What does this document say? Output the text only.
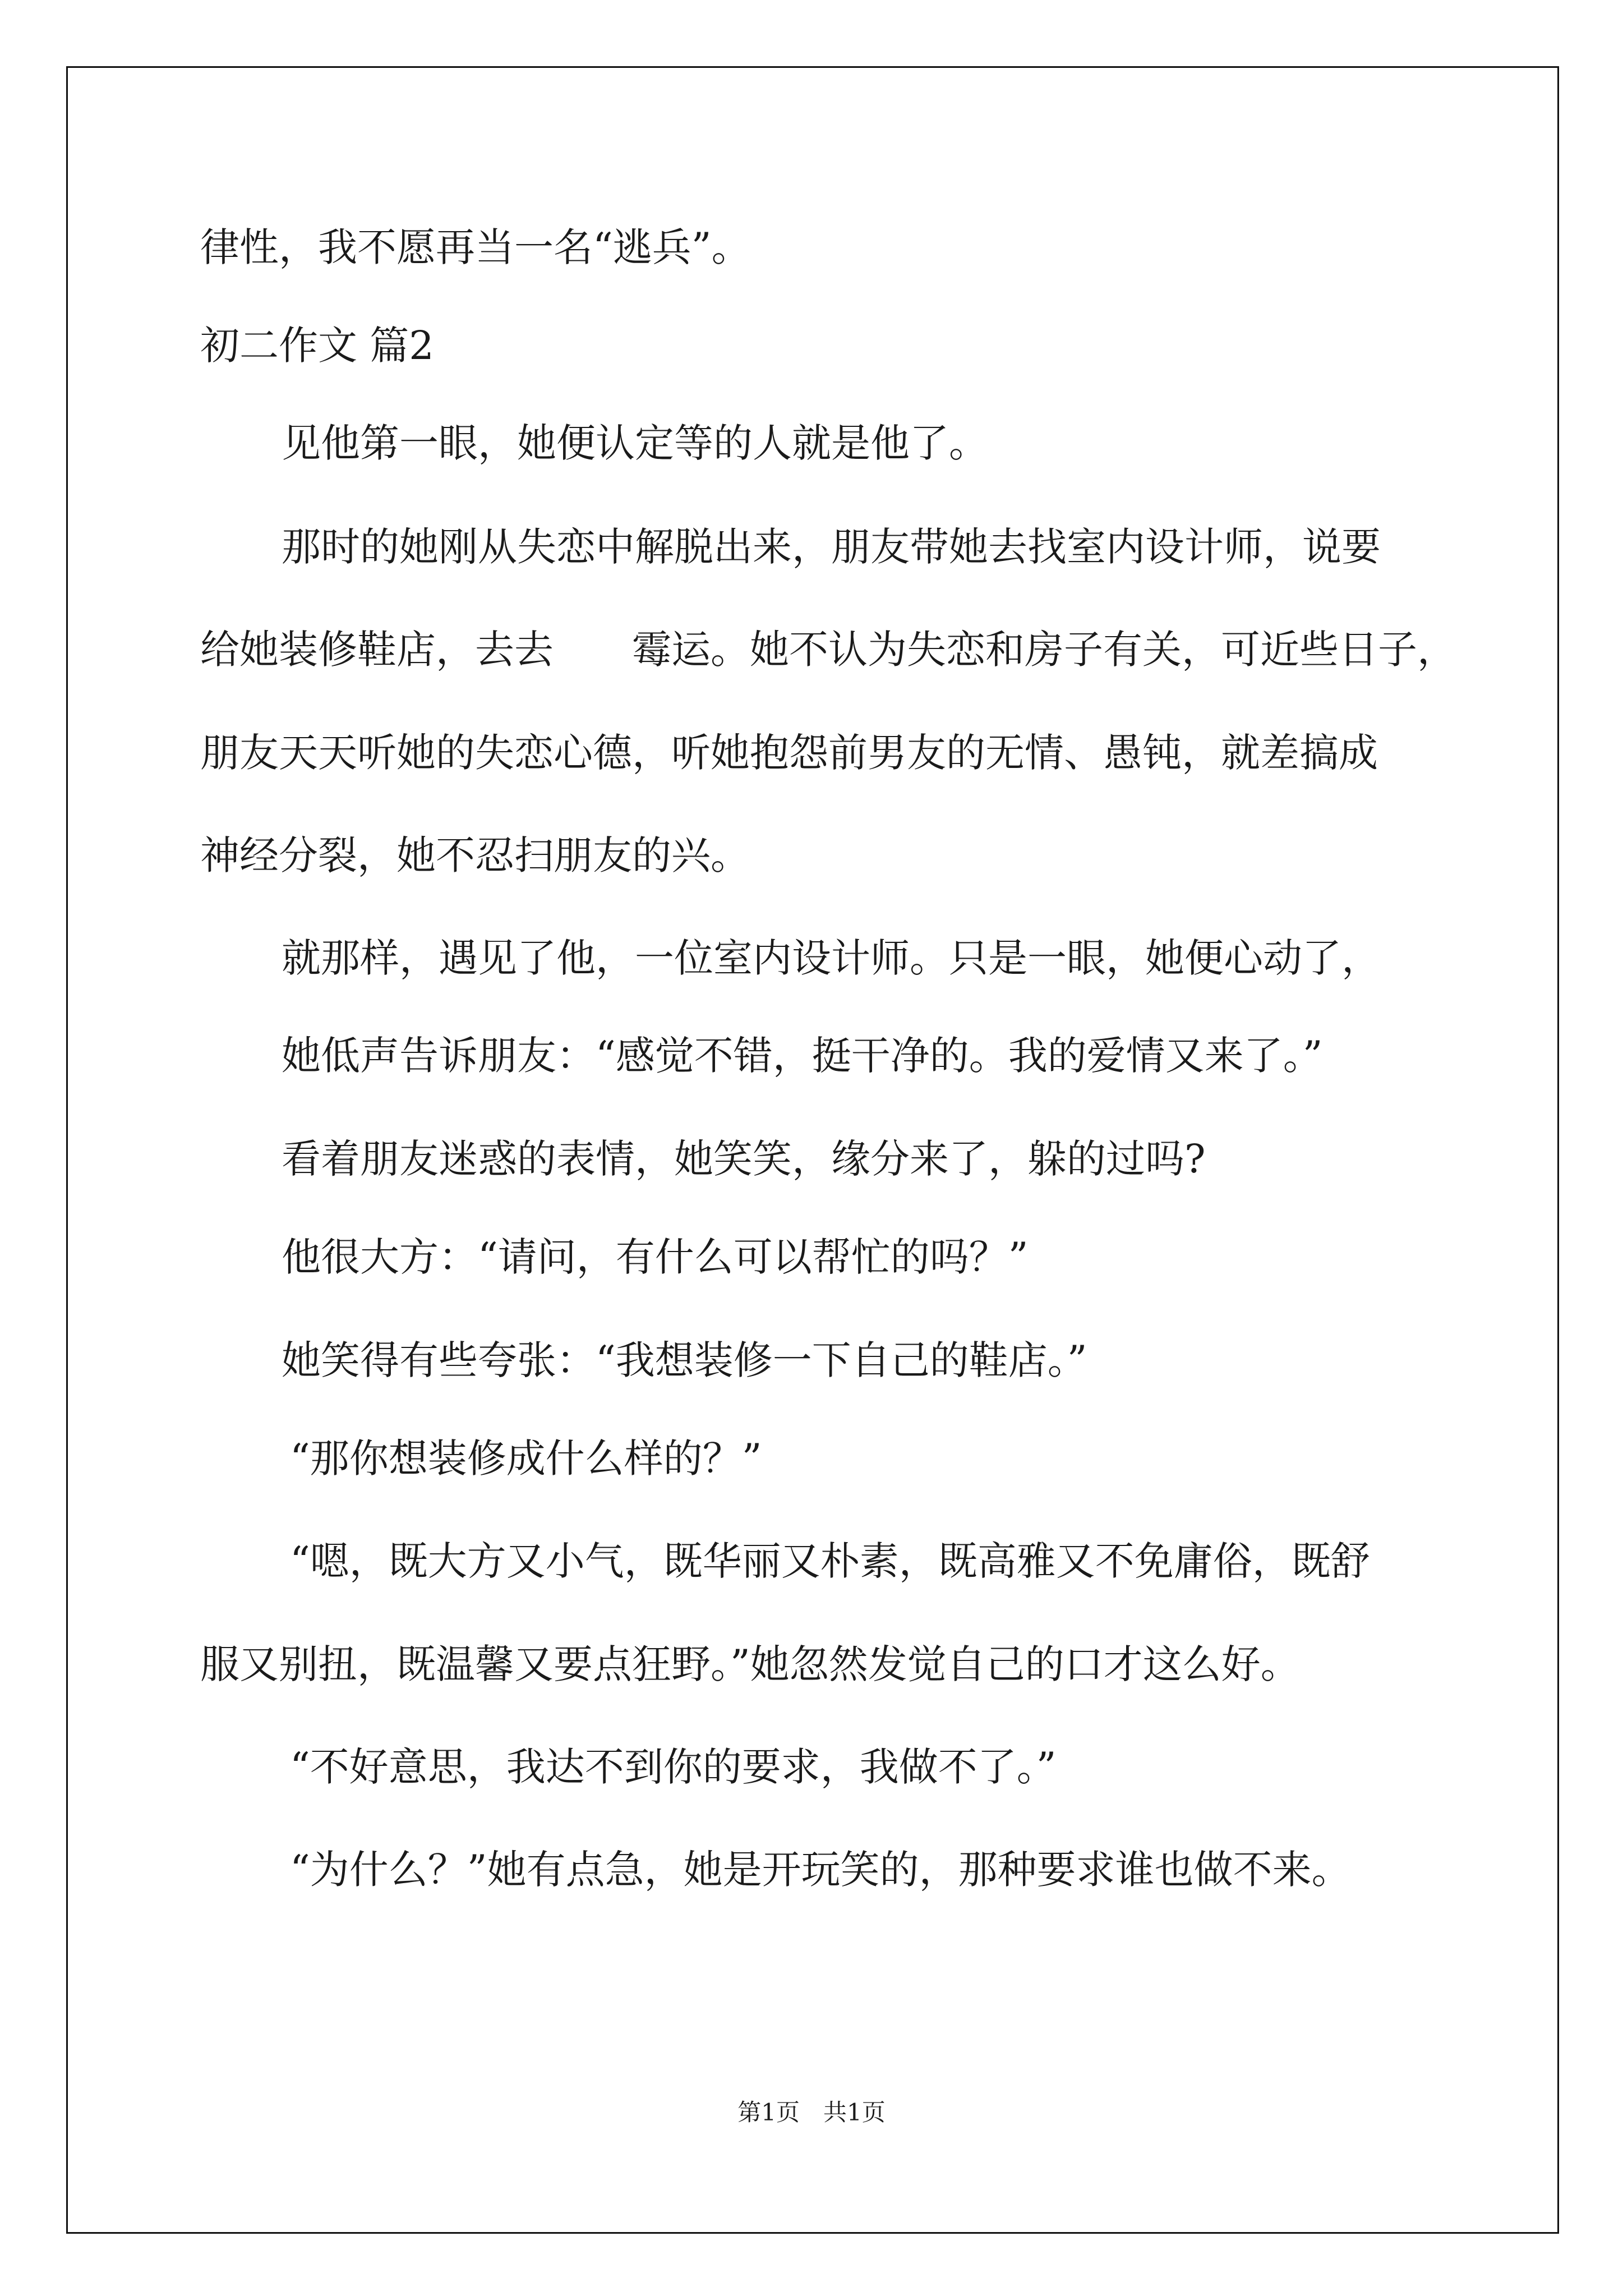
律性，我不愿再当一名“逃兵”。
初二作文 篇2
见他第一眼，她便认定等的人就是他了。
那时的她刚从失恋中解脱出来，朋友带她去找室内设计师，说要
给她装修鞋店，去去　　霉运。她不认为失恋和房子有关，可近些日子，
朋友天天听她的失恋心德，听她抱怨前男友的无情、愚钝，就差搞成
神经分裂，她不忍扫朋友的兴。
就那样，遇见了他，一位室内设计师。只是一眼，她便心动了，
她低声告诉朋友：“感觉不错，挺干净的。我的爱情又来了。”
看着朋友迷惑的表情，她笑笑，缘分来了，躲的过吗?
他很大方：“请问，有什么可以帮忙的吗？”
她笑得有些夸张：“我想装修一下自己的鞋店。”
“那你想装修成什么样的？”
“嗯，既大方又小气，既华丽又朴素，既高雅又不免庸俗，既舒
服又别扭，既温馨又要点狂野。”她忽然发觉自己的口才这么好。
“不好意思，我达不到你的要求，我做不了。”
“为什么？”她有点急，她是开玩笑的，那种要求谁也做不来。
第1页　共1页
